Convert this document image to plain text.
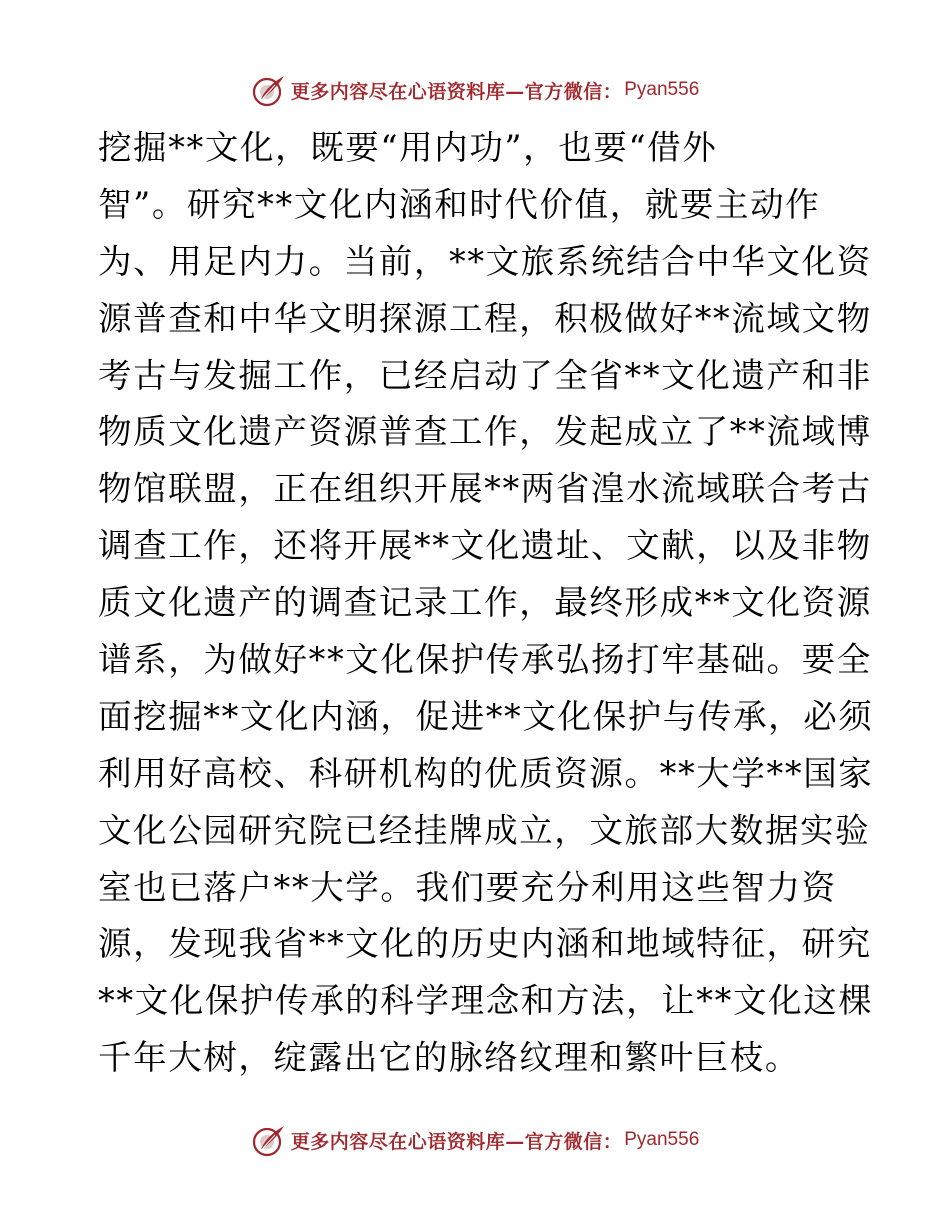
更多内容尽在心语资料库—官方微信： Pyan556
挖掘**文化，既要“用内功”，也要“借外
智”。研究**文化内涵和时代价值，就要主动作
为、用足内力。当前，**文旅系统结合中华文化资
源普查和中华文明探源工程，积极做好**流域文物
考古与发掘工作，已经启动了全省**文化遗产和非
物质文化遗产资源普查工作，发起成立了**流域博
物馆联盟，正在组织开展**两省湟水流域联合考古
调查工作，还将开展**文化遗址、文献，以及非物
质文化遗产的调查记录工作，最终形成**文化资源
谱系，为做好**文化保护传承弘扬打牢基础。要全
面挖掘**文化内涵，促进**文化保护与传承，必须
利用好高校、科研机构的优质资源。**大学**国家
文化公园研究院已经挂牌成立，文旅部大数据实验
室也已落户**大学。我们要充分利用这些智力资
源，发现我省**文化的历史内涵和地域特征，研究
**文化保护传承的科学理念和方法，让**文化这棵
千年大树，绽露出它的脉络纹理和繁叶巨枝。
更多内容尽在心语资料库—官方微信： Pyan556
